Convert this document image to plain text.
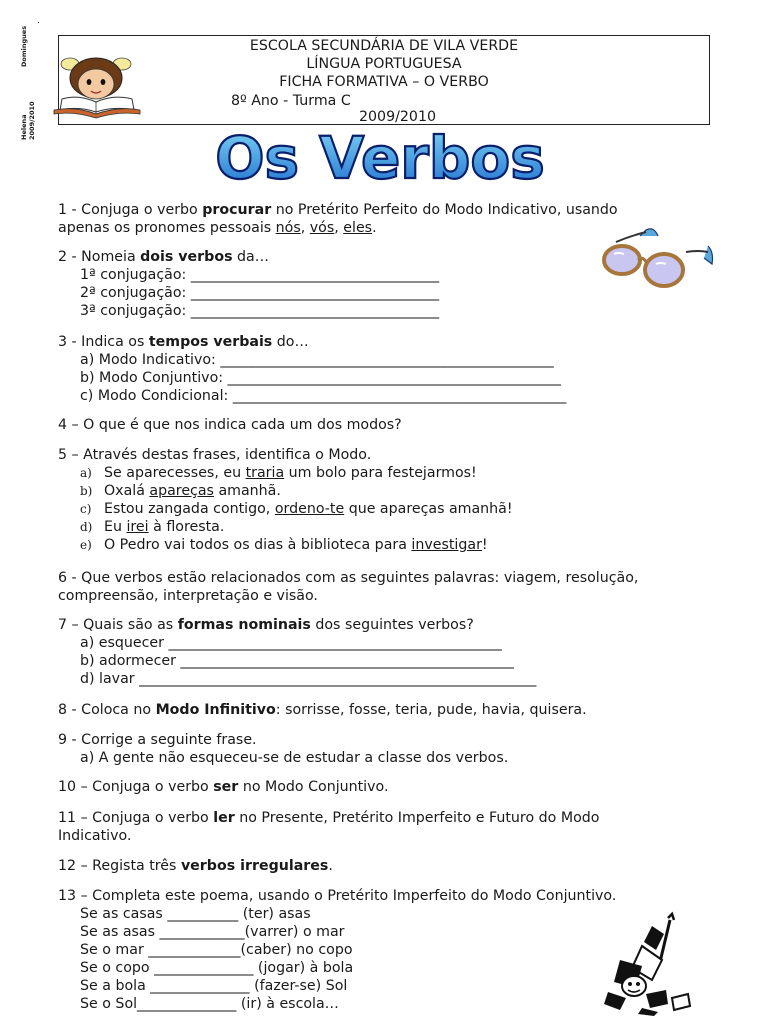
.
Helena                       Domingues
2009/2010
ESCOLA SECUNDÁRIA DE VILA VERDE
LÍNGUA PORTUGUESA
FICHA FORMATIVA – O VERBO
8º Ano - Turma C
2009/2010
Os Verbos
1 - Conjuga o verbo procurar no Pretérito Perfeito do Modo Indicativo, usando
apenas os pronomes pessoais nós, vós, eles.
2 - Nomeia dois verbos da…
1ª conjugação: ___________________________________
2ª conjugação: ___________________________________
3ª conjugação: ___________________________________
3 - Indica os tempos verbais do…
a) Modo Indicativo: _______________________________________________
b) Modo Conjuntivo: _______________________________________________
c) Modo Condicional: _______________________________________________
4 – O que é que nos indica cada um dos modos?
5 – Através destas frases, identifica o Modo.
a) Se aparecesses, eu traria um bolo para festejarmos!
b) Oxalá apareças amanhã.
c) Estou zangada contigo, ordeno-te que apareças amanhã!
d) Eu irei à floresta.
e) O Pedro vai todos os dias à biblioteca para investigar!
6 - Que verbos estão relacionados com as seguintes palavras: viagem, resolução,
compreensão, interpretação e visão.
7 – Quais são as formas nominais dos seguintes verbos?
a) esquecer _______________________________________________
b) adormecer _______________________________________________
d) lavar ________________________________________________________
8 - Coloca no Modo Infinitivo: sorrisse, fosse, teria, pude, havia, quisera.
9 - Corrige a seguinte frase.
a) A gente não esqueceu-se de estudar a classe dos verbos.
10 – Conjuga o verbo ser no Modo Conjuntivo.
11 – Conjuga o verbo ler no Presente, Pretérito Imperfeito e Futuro do Modo
Indicativo.
12 – Regista três verbos irregulares.
13 – Completa este poema, usando o Pretérito Imperfeito do Modo Conjuntivo.
Se as casas __________ (ter) asas
Se as asas ____________(varrer) o mar
Se o mar _____________(caber) no copo
Se o copo ______________ (jogar) à bola
Se a bola ______________ (fazer-se) Sol
Se o Sol______________ (ir) à escola…
